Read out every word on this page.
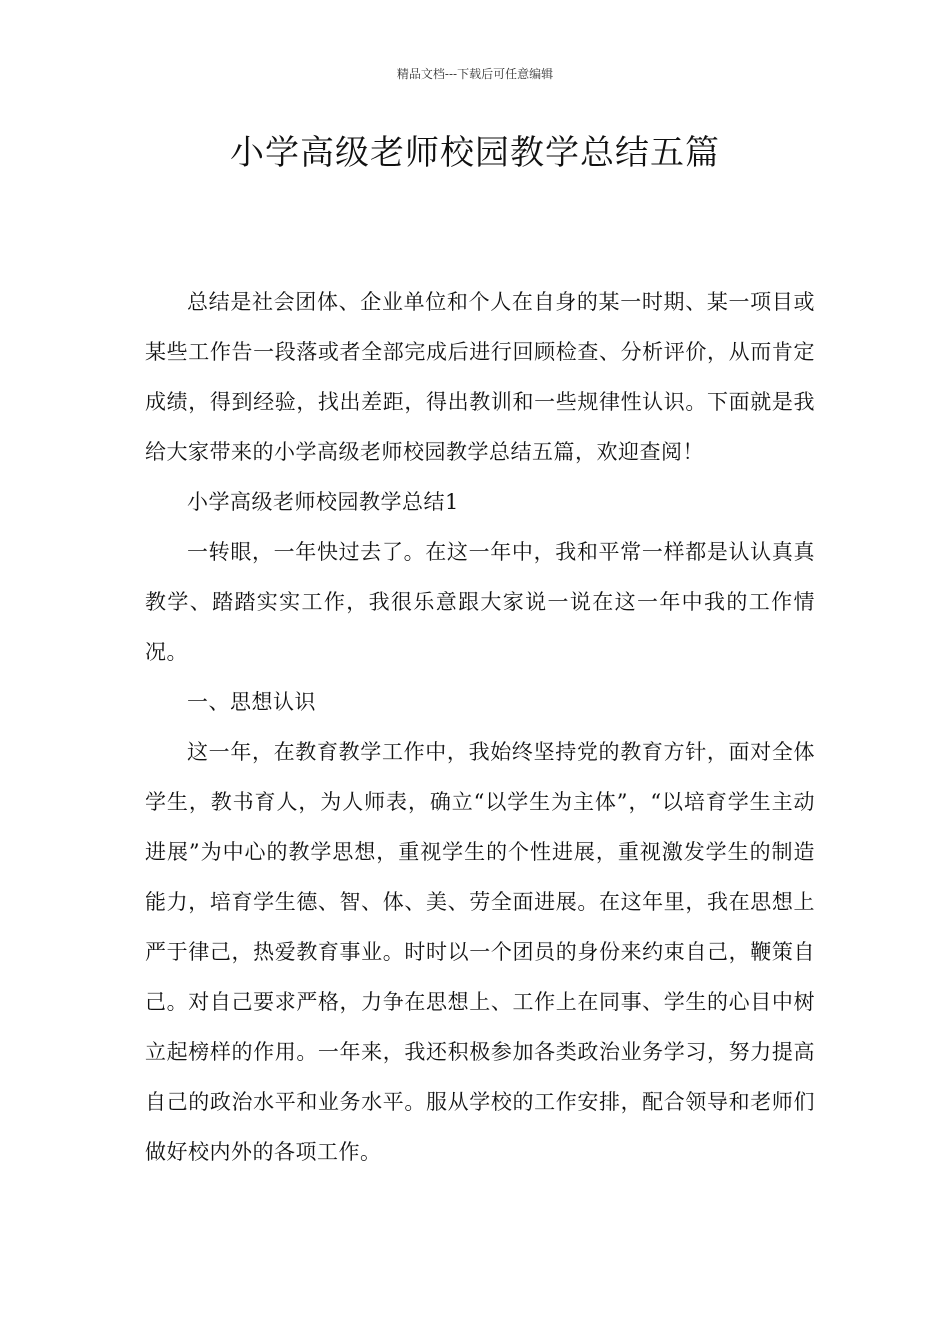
精品文档---下载后可任意编辑
小学高级老师校园教学总结五篇

总结是社会团体、企业单位和个人在自身的某一时期、某一项目或某些工作告一段落或者全部完成后进行回顾检查、分析评价，从而肯定成绩，得到经验，找出差距，得出教训和一些规律性认识。下面就是我给大家带来的小学高级老师校园教学总结五篇，欢迎查阅！

小学高级老师校园教学总结1

一转眼，一年快过去了。在这一年中，我和平常一样都是认认真真教学、踏踏实实工作，我很乐意跟大家说一说在这一年中我的工作情况。

一、思想认识

这一年，在教育教学工作中，我始终坚持党的教育方针，面对全体学生，教书育人，为人师表，确立“以学生为主体”，“以培育学生主动进展”为中心的教学思想，重视学生的个性进展，重视激发学生的制造能力，培育学生德、智、体、美、劳全面进展。在这年里，我在思想上严于律己，热爱教育事业。时时以一个团员的身份来约束自己，鞭策自己。对自己要求严格，力争在思想上、工作上在同事、学生的心目中树立起榜样的作用。一年来，我还积极参加各类政治业务学习，努力提高自己的政治水平和业务水平。服从学校的工作安排，配合领导和老师们做好校内外的各项工作。
